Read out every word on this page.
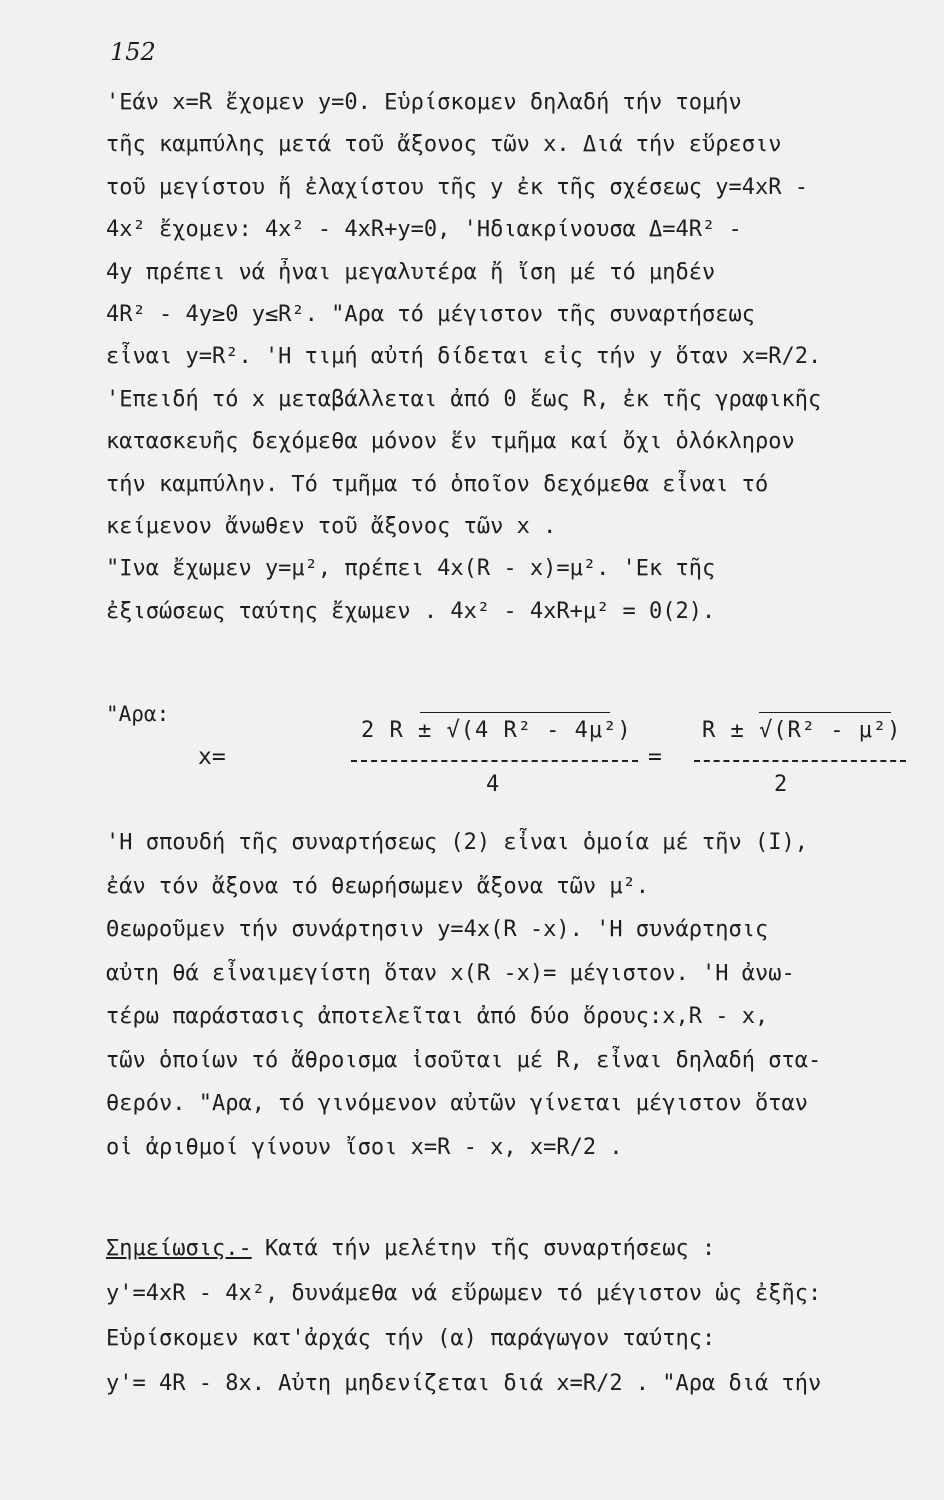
152
'Εάν x=R ἔχομεν y=0. Εὑρίσκομεν δηλαδή τήν τομήν
τῆς καμπύλης μετά τοῦ ἄξονος τῶν x. Διά τήν εὕρεσιν
τοῦ μεγίστου ἤ ἐλαχίστου τῆς y ἐκ τῆς σχέσεως y=4xR -
4x² ἔχομεν: 4x² - 4xR+y=0, 'Ηδιακρίνουσα Δ=4R² -
4y πρέπει νά ἦναι μεγαλυτέρα ἤ ἴση μέ τό μηδέν
4R² - 4y≥0 y≤R². "Αρα τό μέγιστον τῆς συναρτήσεως
εἶναι y=R². 'Η τιμή αὐτή δίδεται εἰς τήν y ὅταν x=R/2.
'Επειδή τό x μεταβάλλεται ἀπό 0 ἕως R, ἐκ τῆς γραφικῆς
κατασκευῆς δεχόμεθα μόνον ἕν τμῆμα καί ὄχι ὁλόκληρον
τήν καμπύλην. Τό τμῆμα τό ὁποῖον δεχόμεθα εἶναι τό
κείμενον ἄνωθεν τοῦ ἄξονος τῶν x .
"Ινα ἔχωμεν y=μ², πρέπει 4x(R - x)=μ². 'Εκ τῆς
ἐξισώσεως ταύτης ἔχωμεν . 4x² - 4xR+μ² = 0(2).
"Αρα:
x=
2 R ± √(4 R² - 4μ²)
4
=
R ± √(R² - μ²)
2
'Η σπουδή τῆς συναρτήσεως (2) εἶναι ὁμοία μέ τῆν (I),
ἐάν τόν ἄξονα τό θεωρήσωμεν ἄξονα τῶν μ².
Θεωροῦμεν τήν συνάρτησιν y=4x(R -x). 'Η συνάρτησις
αὐτη θά εἶναιμεγίστη ὅταν x(R -x)= μέγιστον. 'Η ἀνω-
τέρω παράστασις ἀποτελεῖται ἀπό δύο ὅρους:x,R - x,
τῶν ὁποίων τό ἄθροισμα ἰσοῦται μέ R, εἶναι δηλαδή στα-
θερόν. "Αρα, τό γινόμενον αὐτῶν γίνεται μέγιστον ὅταν
οἱ ἀριθμοί γίνουν ἴσοι x=R - x, x=R/2 .
Σημείωσις.- Κατά τήν μελέτην τῆς συναρτήσεως :
y'=4xR - 4x², δυνάμεθα νά εὕρωμεν τό μέγιστον ὡς ἐξῆς:
Εὑρίσκομεν κατ'ἀρχάς τήν (α) παράγωγον ταύτης:
y'= 4R - 8x. Αὐτη μηδενίζεται διά x=R/2 . "Αρα διά τήν
